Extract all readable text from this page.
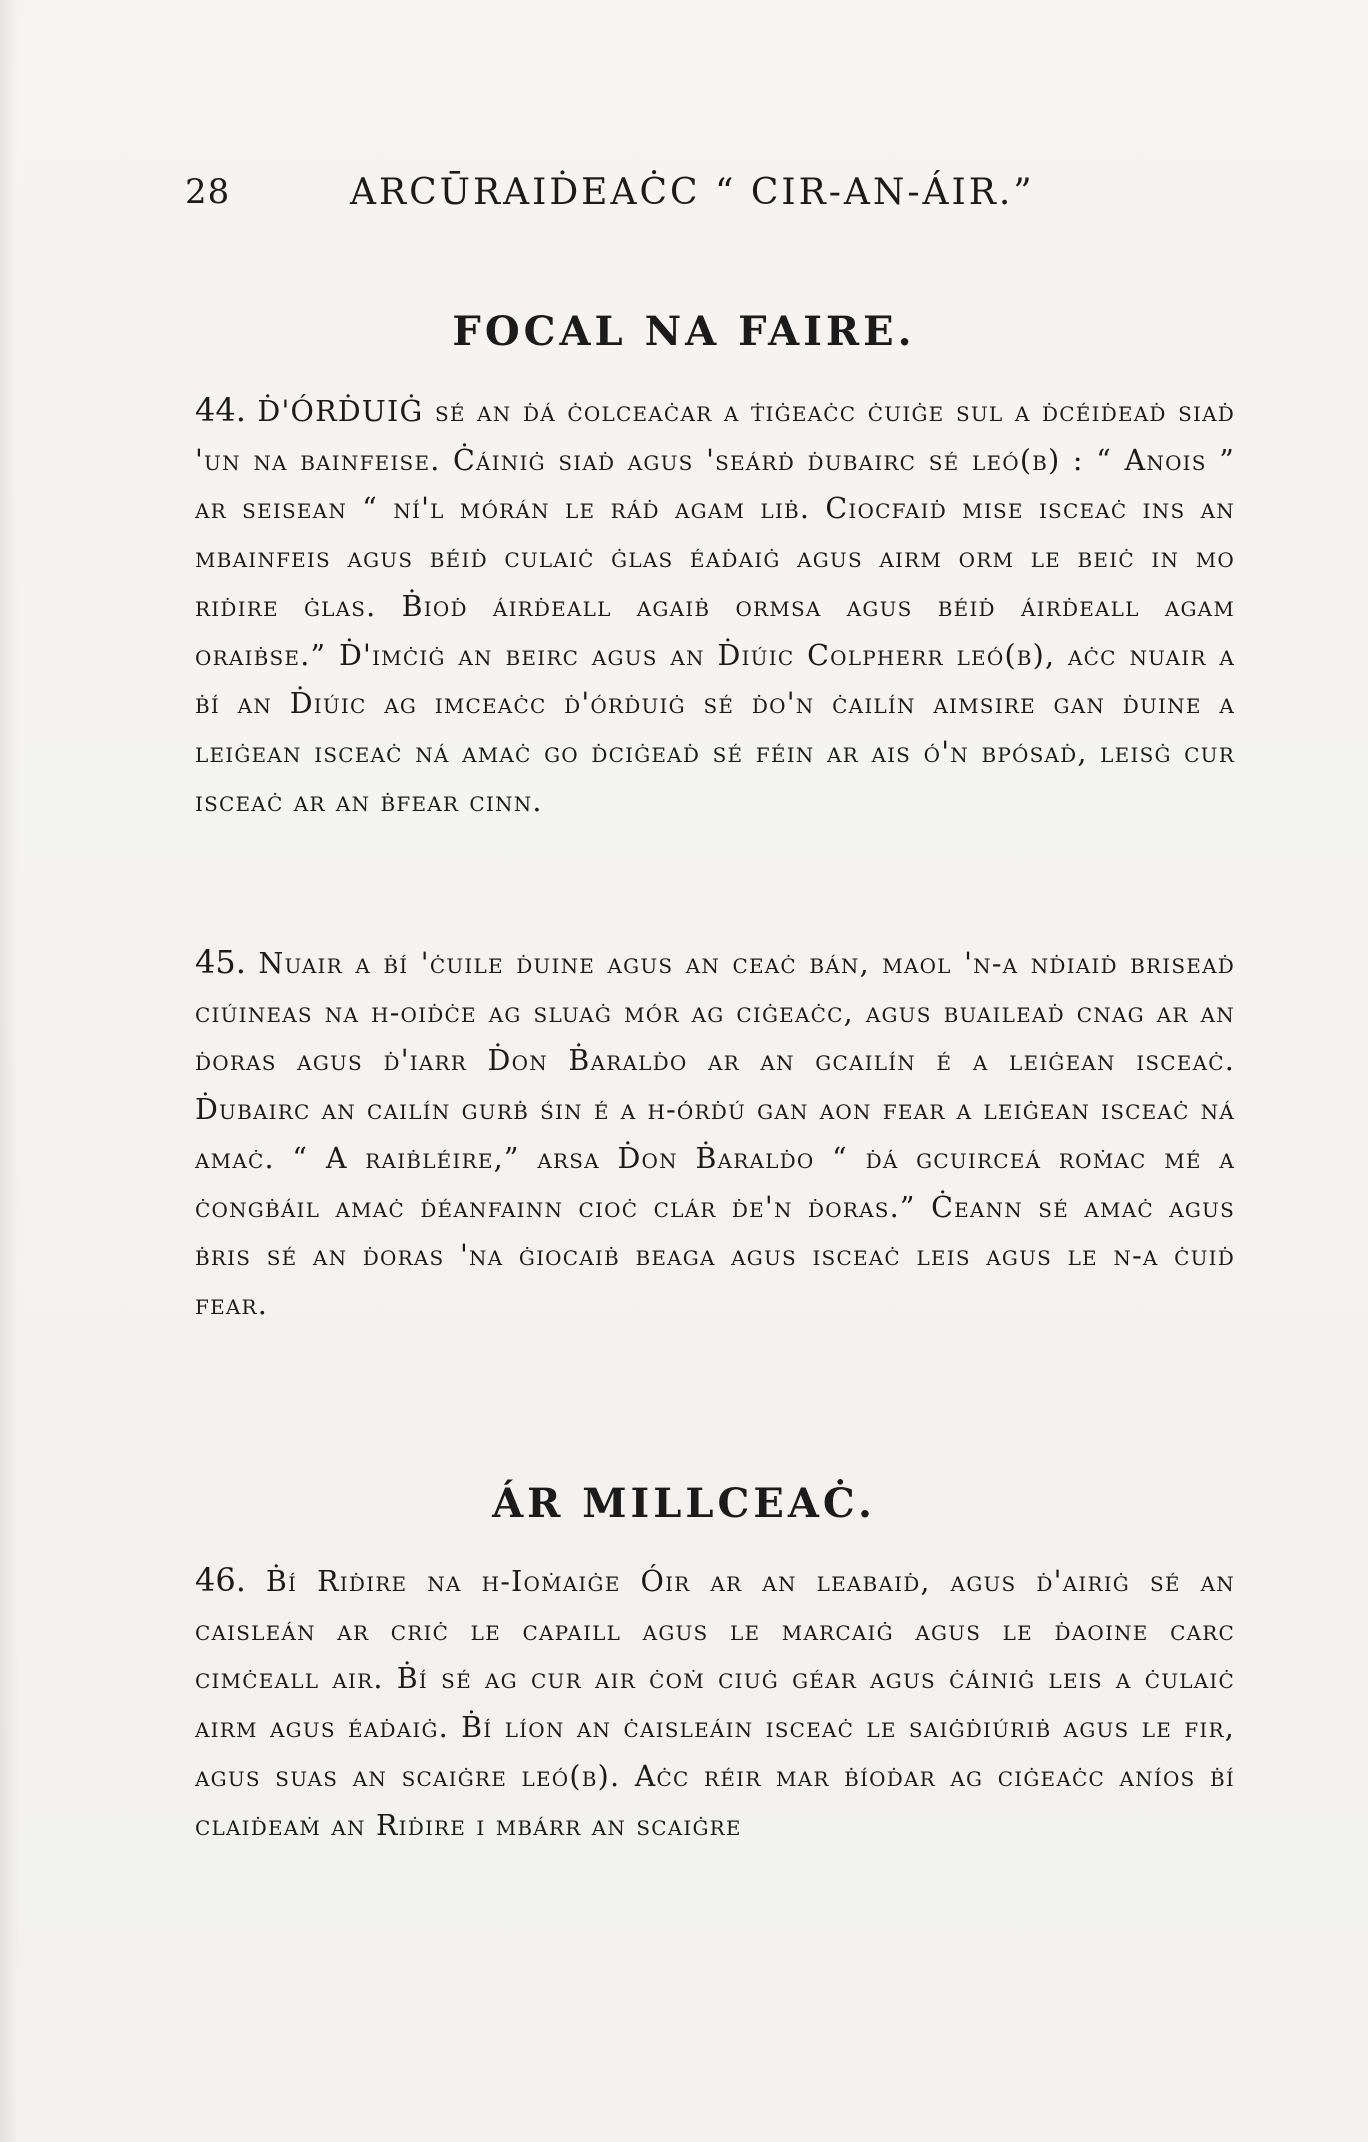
28	ARCŪRAIḊEAĊC “ CIR-AN-ÁIR.”
FOCAL NA FAIRE.

44. Ḋ'ÓRḊUIĠ sé an ḋá ċolceaċar a ṫiġeaċc ċuiġe sul a ḋcéiḋeaḋ siaḋ 'un na bainfeise. Ċáiniġ siaḋ agus 'seárḋ ḋubairc sé leó(b) : “ Anois ” ar seisean “ ní'l mórán le ráḋ agam liḃ. Ciocfaiḋ mise isceaċ ins an mbainfeis agus béiḋ culaiċ ġlas éaḋaiġ agus airm orm le beiċ in mo riḋire ġlas. Ḃioḋ áirḋeall agaiḃ ormsa agus béiḋ áirḋeall agam oraiḃse.” Ḋ'imċiġ an beirc agus an Ḋiúic Colpherr leó(b), aċc nuair a ḃí an Ḋiúic ag imceaċc ḋ'órḋuiġ sé ḋo'n ċailín aimsire gan ḋuine a leiġean isceaċ ná amaċ go ḋciġeaḋ sé féin ar ais ó'n bpósaḋ, leisġ cur isceaċ ar an ḃfear cinn.

45. Nuair a ḃí 'ċuile ḋuine agus an ceaċ bán, maol 'n-a nḋiaiḋ briseaḋ ciúineas na h-oiḋċe ag sluaġ mór ag ciġeaċc, agus buaileaḋ cnag ar an ḋoras agus ḋ'iarr Ḋon Ḃaralḋo ar an gcailín é a leiġean isceaċ. Ḋubairc an cailín gurḃ śin é a h-órḋú gan aon fear a leiġean isceaċ ná amaċ. “ A raiḃléire,” arsa Ḋon Ḃaralḋo “ ḋá gcuirceá roṁac mé a ċongḃáil amaċ ḋéanfainn cioċ clár ḋe'n ḋoras.” Ċeann sé amaċ agus ḃris sé an ḋoras 'na ġiocaiḃ beaga agus isceaċ leis agus le n-a ċuiḋ fear.

ÁR MILLCEAĊ.

46. Ḃí Riḋire na h-Ioṁaiġe Óir ar an leabaiḋ, agus ḋ'airiġ sé an caisleán ar criċ le capaill agus le marcaiġ agus le ḋaoine carc cimċeall air. Ḃí sé ag cur air ċoṁ ciuġ géar agus ċáiniġ leis a ċulaiċ airm agus éaḋaiġ. Ḃí líon an ċaisleáin isceaċ le saiġḋiúriḃ agus le fir, agus suas an scaiġre leó(b). Aċc réir mar ḃíoḋar ag ciġeaċc aníos ḃí claiḋeaṁ an Riḋire i mbárr an scaiġre
